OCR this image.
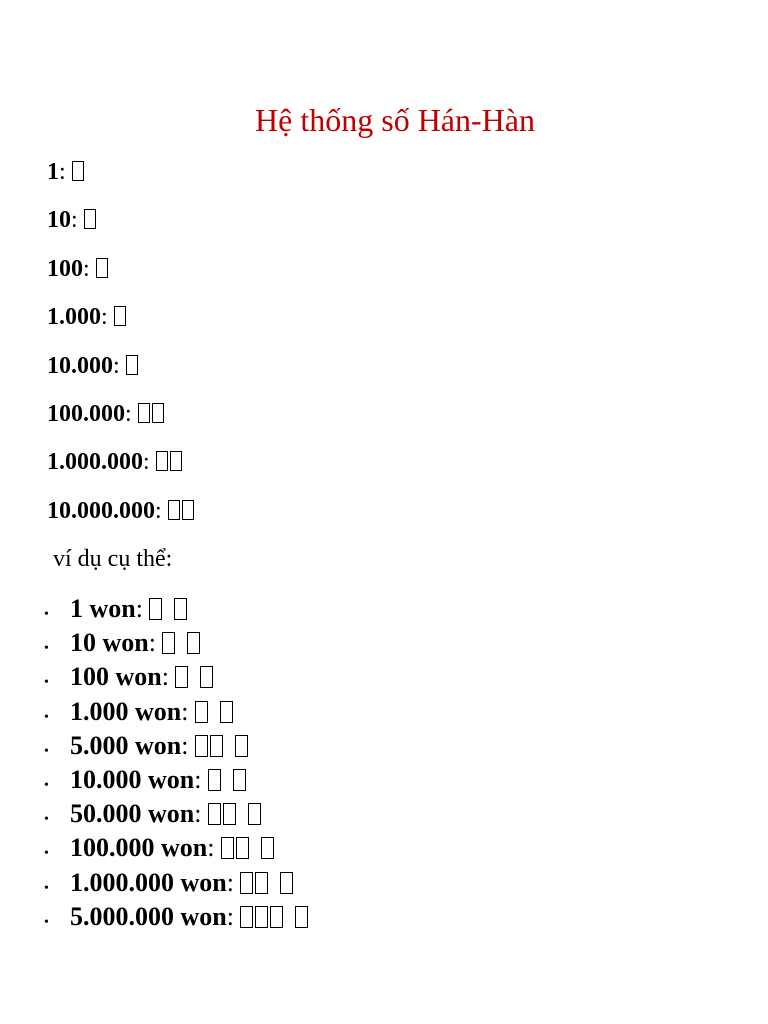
Hệ thống số Hán-Hàn
1:
10:
100:
1.000:
10.000:
100.000:
1.000.000:
10.000.000:
ví dụ cụ thể:
• 1 won:
• 10 won:
• 100 won:
• 1.000 won:
• 5.000 won:
• 10.000 won:
• 50.000 won:
• 100.000 won:
• 1.000.000 won:
• 5.000.000 won:
